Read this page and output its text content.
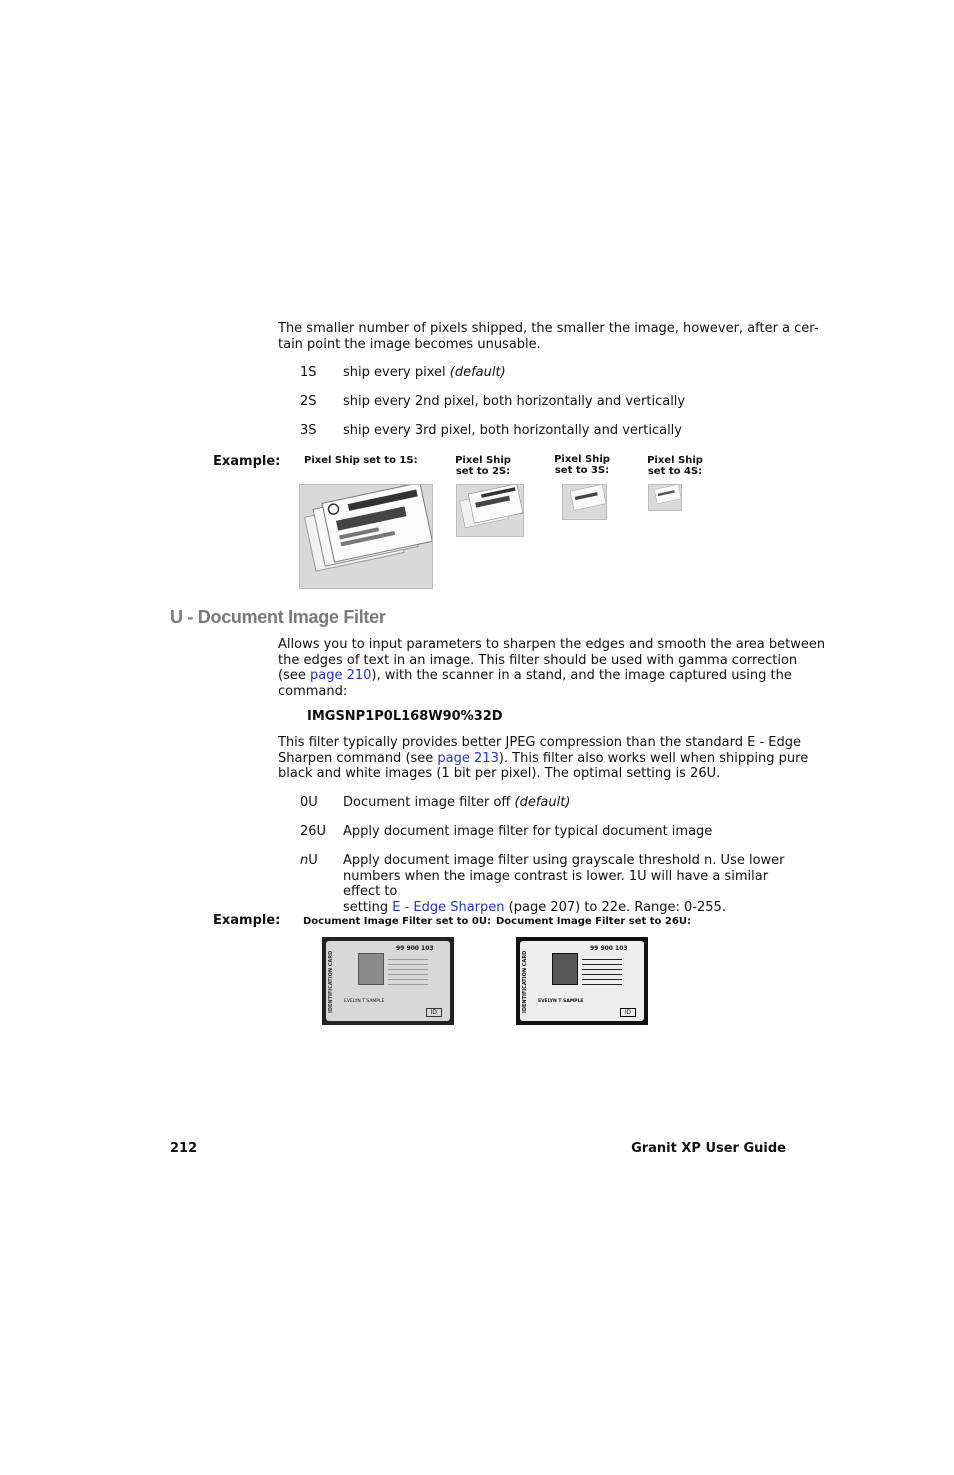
The smaller number of pixels shipped, the smaller the image, however, after a cer-
tain point the image becomes unusable.
1S ship every pixel (default)
2S ship every 2nd pixel, both horizontally and vertically
3S ship every 3rd pixel, both horizontally and vertically
Example: Pixel Ship set to 1S:	Pixel Ship
set to 2S:
Pixel Ship
set to 3S:
Pixel Ship
set to 4S:
U - Document Image Filter
Allows you to input parameters to sharpen the edges and smooth the area between
the edges of text in an image. This filter should be used with gamma correction
(see page 210), with the scanner in a stand, and the image captured using the
command:
IMGSNP1P0L168W90%32D
This filter typically provides better JPEG compression than the standard E - Edge
Sharpen command (see page 213). This filter also works well when shipping pure
black and white images (1 bit per pixel). The optimal setting is 26U.
0U Document image filter off (default)
26U Apply document image filter for typical document image
nU Apply document image filter using grayscale threshold n. Use lower
numbers when the image contrast is lower. 1U will have a similar effect to
setting E - Edge Sharpen (page 207) to 22e. Range: 0-255.
Example: Document Image Filter set to 0U: Document Image Filter set to 26U:
IDENTIFICATION CARD
99 900 103
EVELYN T SAMPLE
ID	IDENTIFICATION CARD
99 900 103
EVELYN T SAMPLE
ID
212	Granit XP User Guide
